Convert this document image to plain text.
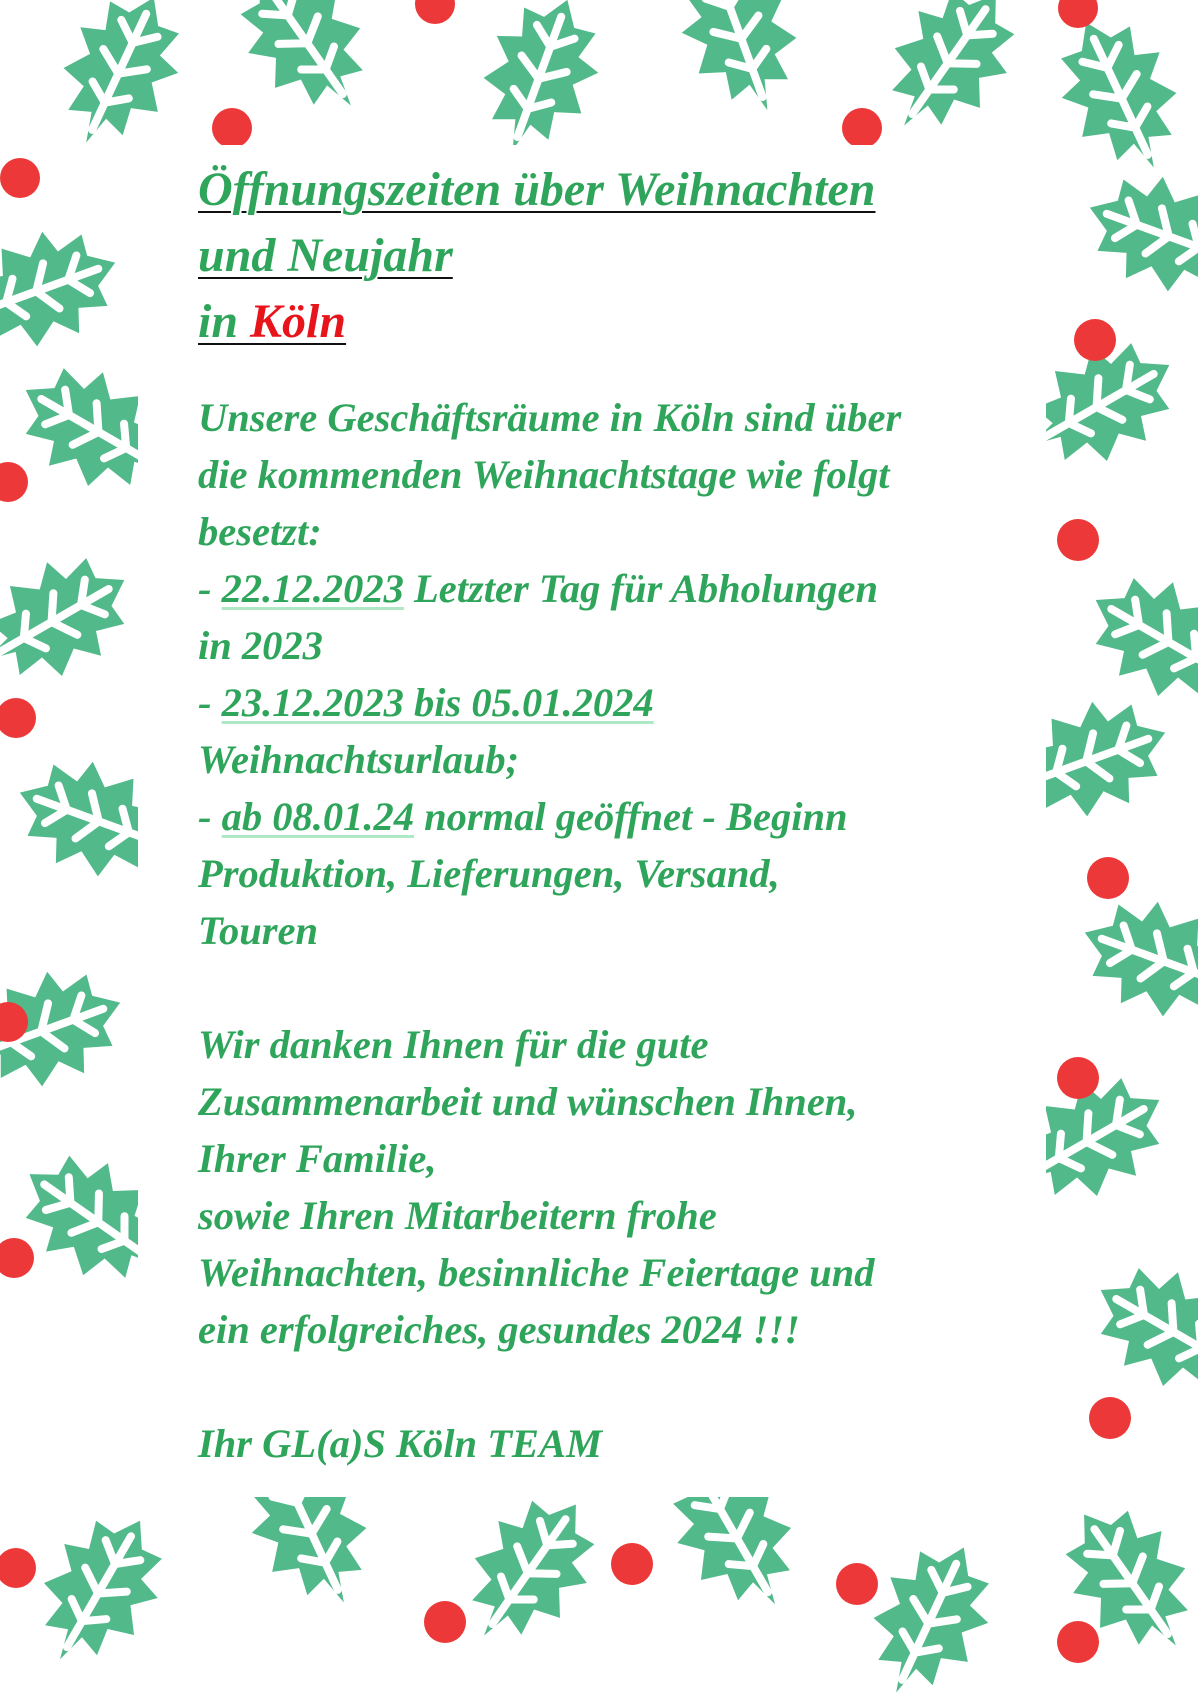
Öffnungszeiten über Weihnachten
und Neujahr
in Köln
Unsere Geschäftsräume in Köln sind über
die kommenden Weihnachtstage wie folgt
besetzt:
- 22.12.2023 Letzter Tag für Abholungen
in 2023
- 23.12.2023 bis 05.01.2024
Weihnachtsurlaub;
- ab 08.01.24 normal geöffnet - Beginn
Produktion, Lieferungen, Versand,
Touren
Wir danken Ihnen für die gute
Zusammenarbeit und wünschen Ihnen,
Ihrer Familie,
sowie Ihren Mitarbeitern frohe
Weihnachten, besinnliche Feiertage und
ein erfolgreiches, gesundes 2024 !!!
Ihr GL(a)S Köln TEAM
